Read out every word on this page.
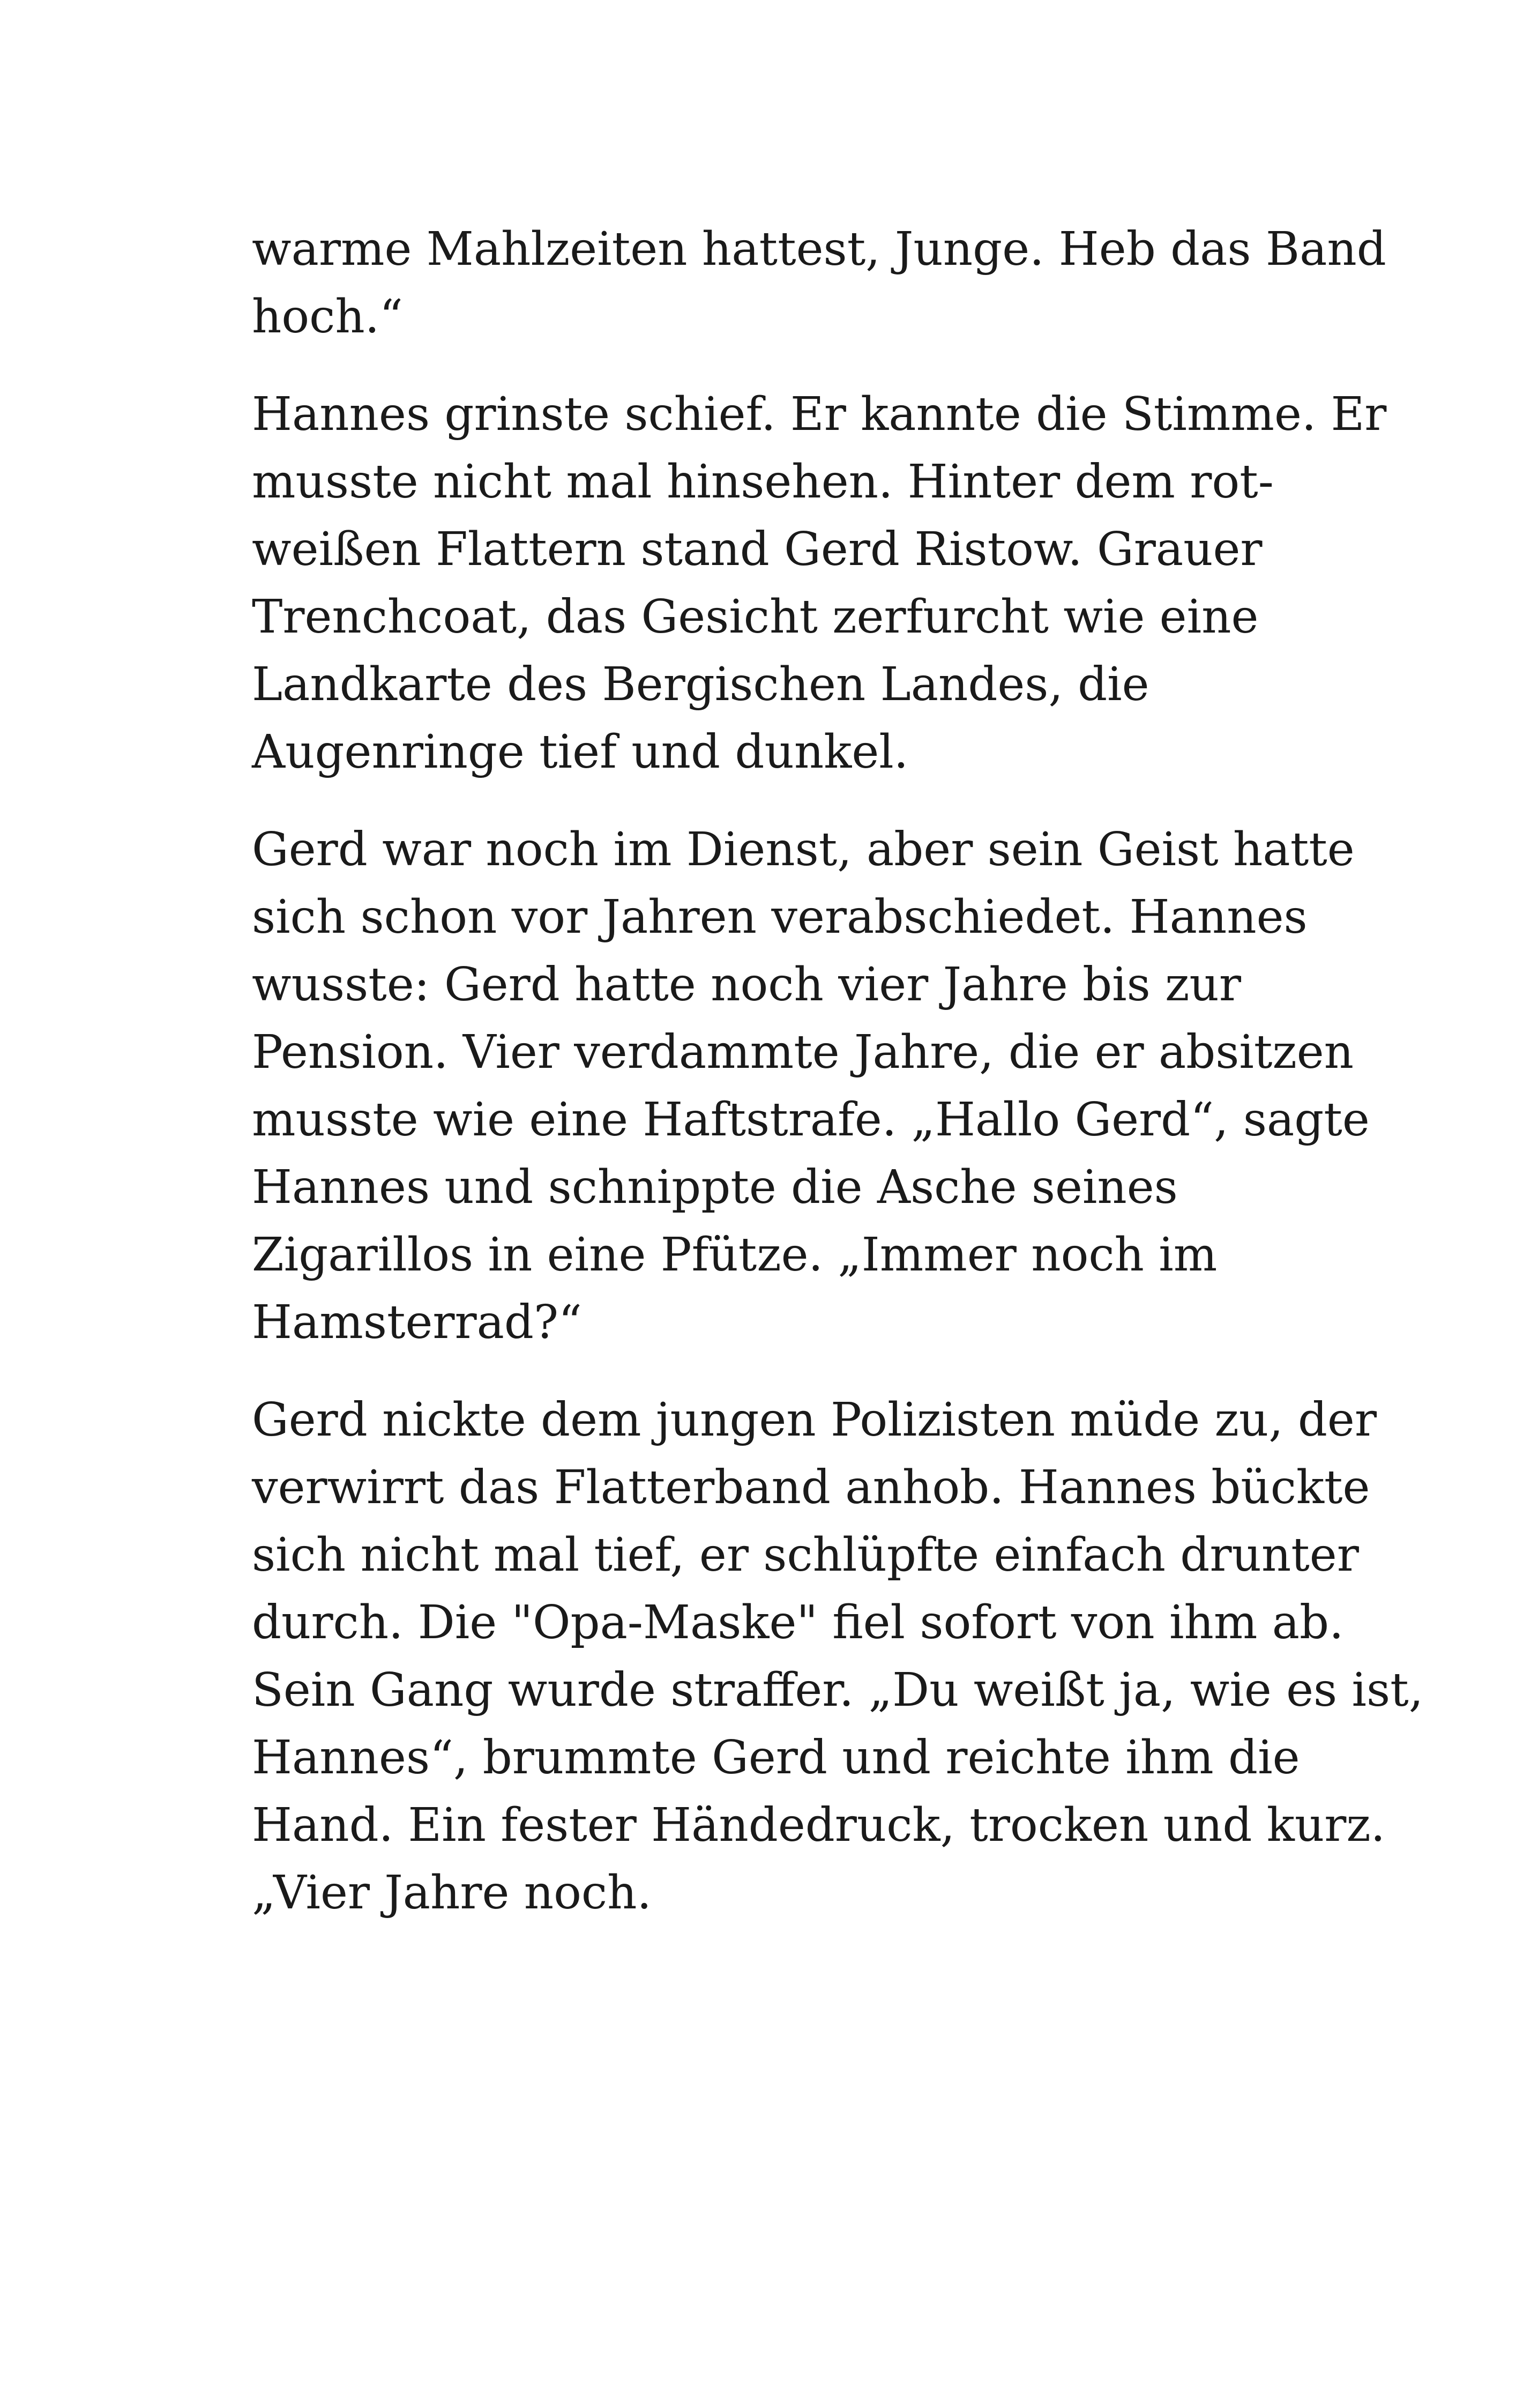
warme Mahlzeiten hattest, Junge. Heb das Band
hoch.“

Hannes grinste schief. Er kannte die Stimme. Er
musste nicht mal hinsehen. Hinter dem rot-
weißen Flattern stand Gerd Ristow. Grauer
Trenchcoat, das Gesicht zerfurcht wie eine
Landkarte des Bergischen Landes, die
Augenringe tief und dunkel.

Gerd war noch im Dienst, aber sein Geist hatte
sich schon vor Jahren verabschiedet. Hannes
wusste: Gerd hatte noch vier Jahre bis zur
Pension. Vier verdammte Jahre, die er absitzen
musste wie eine Haftstrafe. „Hallo Gerd“, sagte
Hannes und schnippte die Asche seines
Zigarillos in eine Pfütze. „Immer noch im
Hamsterrad?“

Gerd nickte dem jungen Polizisten müde zu, der
verwirrt das Flatterband anhob. Hannes bückte
sich nicht mal tief, er schlüpfte einfach drunter
durch. Die "Opa-Maske" fiel sofort von ihm ab.
Sein Gang wurde straffer. „Du weißt ja, wie es ist,
Hannes“, brummte Gerd und reichte ihm die
Hand. Ein fester Händedruck, trocken und kurz.
„Vier Jahre noch.
